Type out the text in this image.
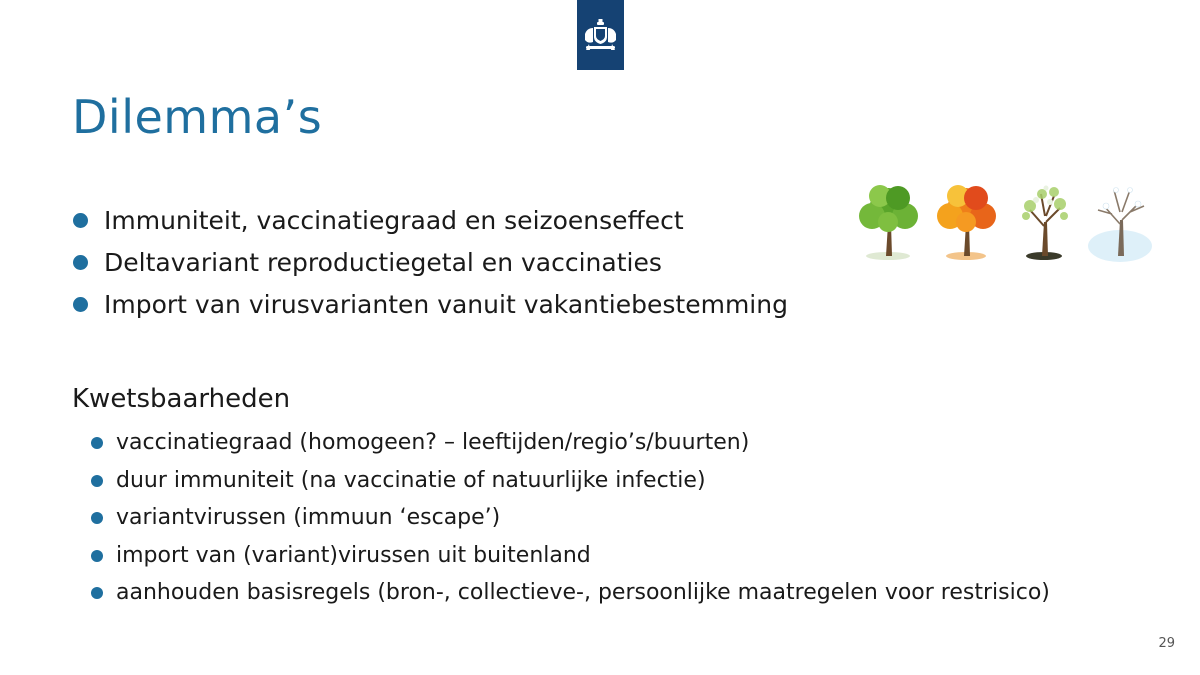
Dilemma’s
Immuniteit, vaccinatiegraad en seizoenseffect
Deltavariant reproductiegetal en vaccinaties
Import van virusvarianten vanuit vakantiebestemming
Kwetsbaarheden
vaccinatiegraad (homogeen? – leeftijden/regio’s/buurten)
duur immuniteit (na vaccinatie of natuurlijke infectie)
variantvirussen (immuun ‘escape’)
import van (variant)virussen uit buitenland
aanhouden basisregels (bron-, collectieve-, persoonlijke maatregelen voor restrisico)
29
